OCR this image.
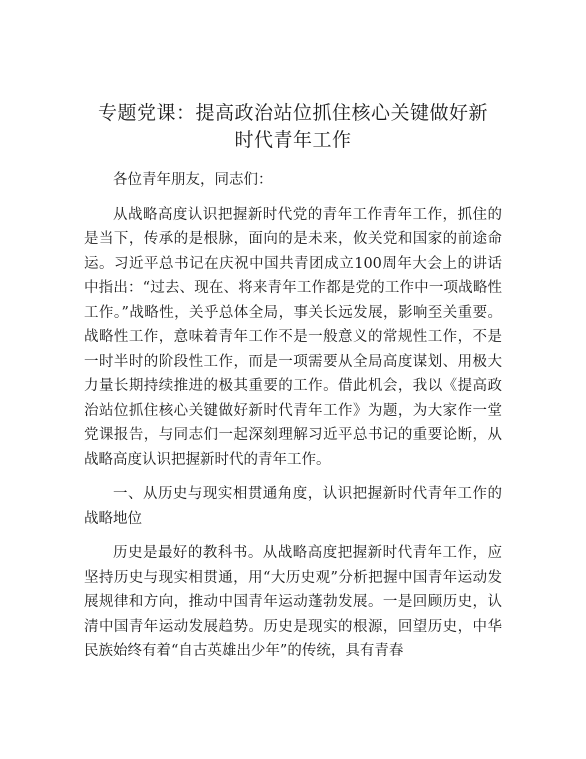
专题党课：提高政治站位抓住核心关键做好新
时代青年工作

各位青年朋友，同志们：

从战略高度认识把握新时代党的青年工作青年工作，抓住的是当下，传承的是根脉，面向的是未来，攸关党和国家的前途命运。习近平总书记在庆祝中国共青团成立100周年大会上的讲话中指出：“过去、现在、将来青年工作都是党的工作中一项战略性工作。”战略性，关乎总体全局，事关长远发展，影响至关重要。战略性工作，意味着青年工作不是一般意义的常规性工作，不是一时半时的阶段性工作，而是一项需要从全局高度谋划、用极大力量长期持续推进的极其重要的工作。借此机会，我以《提高政治站位抓住核心关键做好新时代青年工作》为题，为大家作一堂党课报告，与同志们一起深刻理解习近平总书记的重要论断，从战略高度认识把握新时代的青年工作。

一、从历史与现实相贯通角度，认识把握新时代青年工作的战略地位

历史是最好的教科书。从战略高度把握新时代青年工作，应坚持历史与现实相贯通，用“大历史观”分析把握中国青年运动发展规律和方向，推动中国青年运动蓬勃发展。一是回顾历史，认清中国青年运动发展趋势。历史是现实的根源，回望历史，中华民族始终有着“自古英雄出少年”的传统，具有青春
